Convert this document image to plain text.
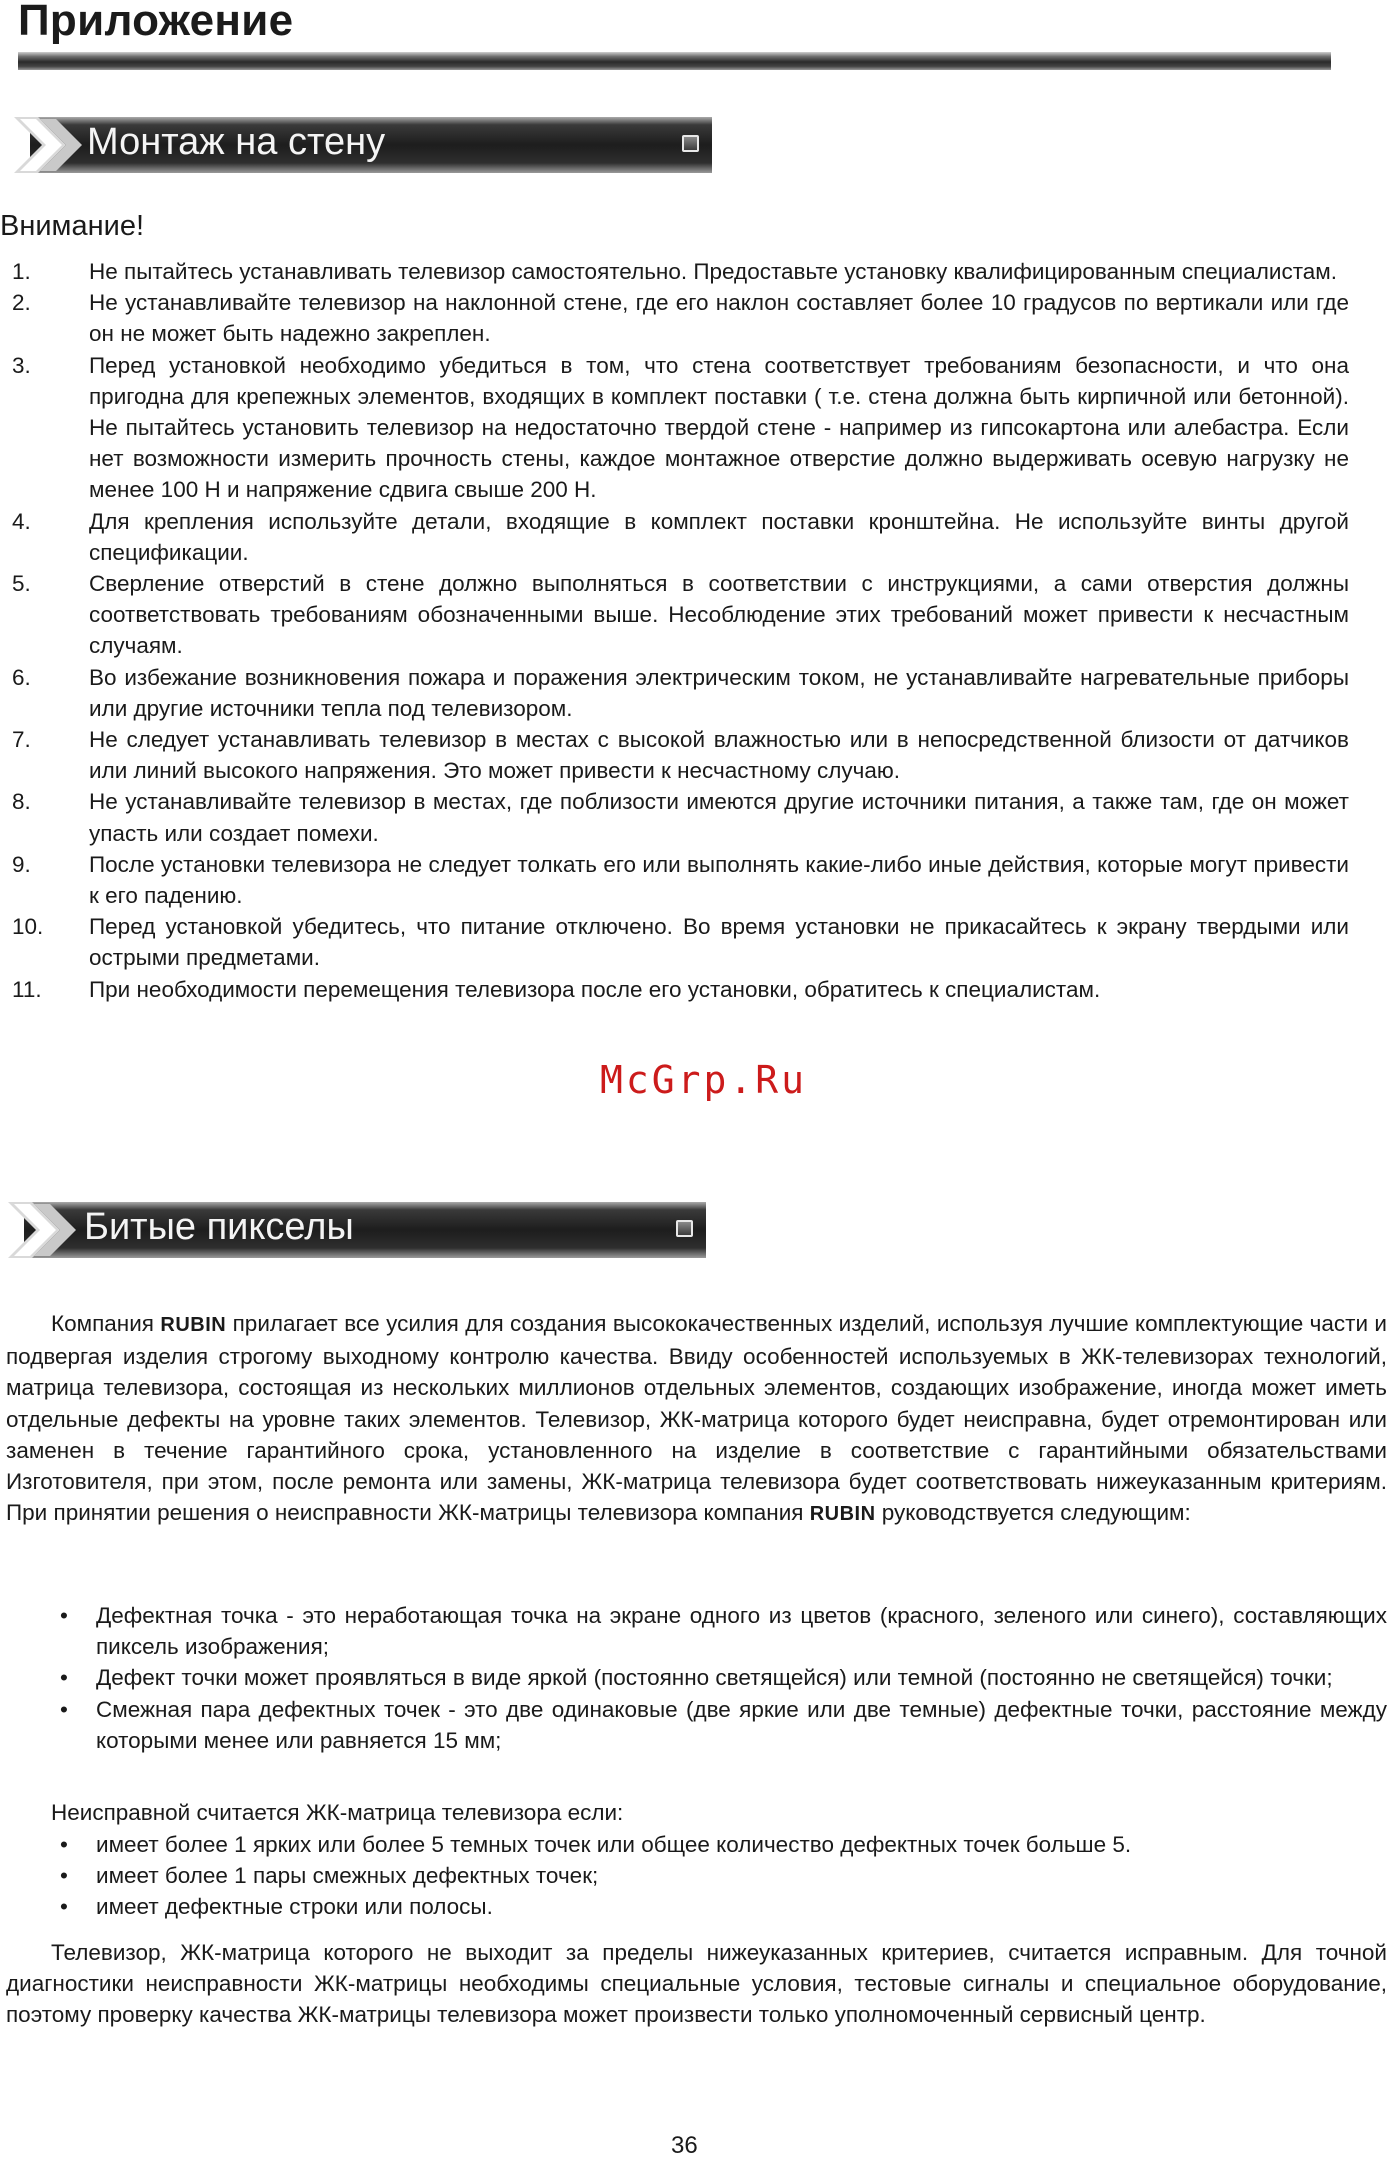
Приложение
Монтаж на стену
Внимание!
1.	Не пытайтесь устанавливать телевизор самостоятельно. Предоставьте установку квалифицированным специалистам.
2.	Не устанавливайте телевизор на наклонной стене, где его наклон составляет более 10 градусов по вертикали или где он не может быть надежно закреплен.
3.	Перед установкой необходимо убедиться в том, что стена соответствует требованиям безопасности, и что она пригодна для крепежных элементов, входящих в комплект поставки ( т.е. стена должна быть кирпичной или бетонной). Не пытайтесь установить телевизор на недостаточно твердой стене - например из гипсокартона или алебастра. Если нет возможности измерить прочность стены, каждое монтажное отверстие должно выдерживать осевую нагрузку не менее 100 Н и напряжение сдвига свыше 200 Н.
4.	Для крепления используйте детали, входящие в комплект поставки кронштейна. Не используйте винты другой спецификации.
5.	Сверление отверстий в стене должно выполняться в соответствии с инструкциями, а сами отверстия должны соответствовать требованиям обозначенными выше. Несоблюдение этих требований может привести к несчастным случаям.
6.	Во избежание возникновения пожара и поражения электрическим током, не устанавливайте нагревательные приборы или другие источники тепла под телевизором.
7.	Не следует устанавливать телевизор в местах с высокой влажностью или в непосредственной близости от датчиков или линий высокого напряжения. Это может привести к несчастному случаю.
8.	Не устанавливайте телевизор в местах, где поблизости имеются другие источники питания, а также там, где он может упасть или создает помехи.
9.	После установки телевизора не следует толкать его или выполнять какие-либо иные действия, которые могут привести к его падению.
10. Перед установкой убедитесь, что питание отключено. Во время установки не прикасайтесь к экрану твердыми или острыми предметами.
11. При необходимости перемещения телевизора после его установки, обратитесь к специалистам.
McGrp.Ru
Битые пикселы

Компания RUBIN прилагает все усилия для создания высококачественных изделий, используя лучшие комплектующие части и подвергая изделия строгому выходному контролю качества. Ввиду особенностей используемых в ЖК-телевизорах технологий, матрица телевизора, состоящая из нескольких миллионов отдельных элементов, создающих изображение, иногда может иметь отдельные дефекты на уровне таких элементов. Телевизор, ЖК-матрица которого будет неисправна, будет отремонтирован или заменен в течение гарантийного срока, установленного на изделие в соответствие с гарантийными обязательствами Изготовителя, при этом, после ремонта или замены, ЖК-матрица телевизора будет соответствовать нижеуказанным критериям. При принятии решения о неисправности ЖК-матрицы телевизора компания RUBIN руководствуется следующим:

• Дефектная точка - это неработающая точка на экране одного из цветов (красного, зеленого или синего), составляющих пиксель изображения;
• Дефект точки может проявляться в виде яркой (постоянно светящейся) или темной (постоянно не светящейся) точки;
• Смежная пара дефектных точек - это две одинаковые (две яркие или две темные) дефектные точки, расстояние между которыми менее или равняется 15 мм;

Неисправной считается ЖК-матрица телевизора если:

• имеет более 1 ярких или более 5 темных точек или общее количество дефектных точек больше 5.
• имеет более 1 пары смежных дефектных точек;
• имеет дефектные строки или полосы.

Телевизор, ЖК-матрица которого не выходит за пределы нижеуказанных критериев, считается исправным. Для точной диагностики неисправности ЖК-матрицы необходимы специальные условия, тестовые сигналы и специальное оборудование, поэтому проверку качества ЖК-матрицы телевизора может произвести только уполномоченный сервисный центр.

36
